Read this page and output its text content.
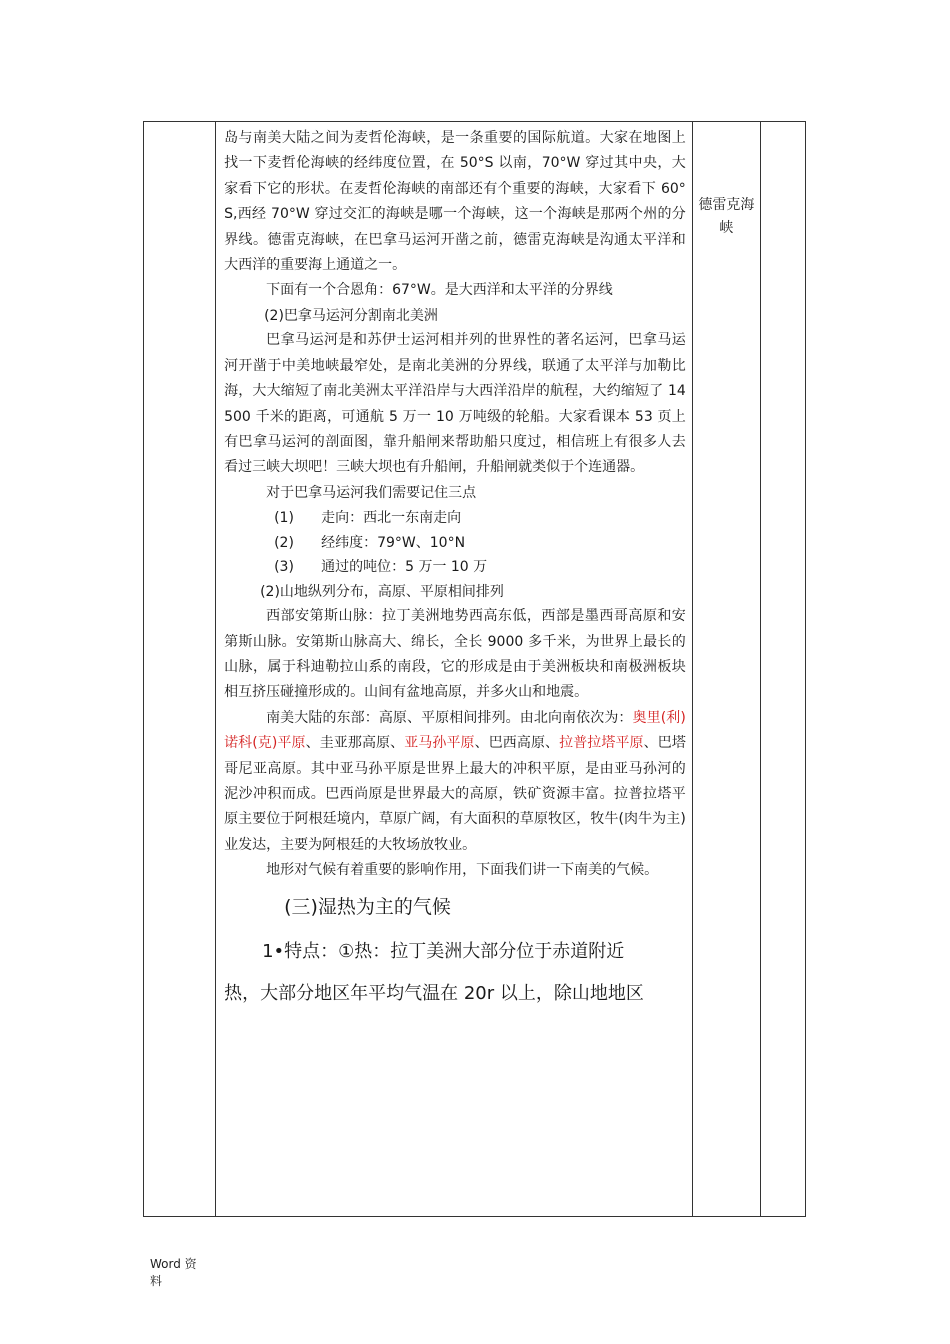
岛与南美大陆之间为麦哲伦海峡，是一条重要的国际航道。大家在地图上找一下麦哲伦海峡的经纬度位置，在 50°S 以南，70°W 穿过其中央，大家看下它的形状。在麦哲伦海峡的南部还有个重要的海峡，大家看下 60°S,西经 70°W 穿过交汇的海峡是哪一个海峡，这一个海峡是那两个州的分界线。德雷克海峡，在巴拿马运河开凿之前，德雷克海峡是沟通太平洋和大西洋的重要海上通道之一。

下面有一个合恩角：67°W。是大西洋和太平洋的分界线

(2)巴拿马运河分割南北美洲

巴拿马运河是和苏伊士运河相并列的世界性的著名运河，巴拿马运河开凿于中美地峡最窄处，是南北美洲的分界线，联通了太平洋与加勒比海，大大缩短了南北美洲太平洋沿岸与大西洋沿岸的航程，大约缩短了 14500 千米的距离，可通航 5 万一 10 万吨级的轮船。大家看课本 53 页上有巴拿马运河的剖面图，靠升船闸来帮助船只度过，相信班上有很多人去看过三峡大坝吧！三峡大坝也有升船闸，升船闸就类似于个连通器。

对于巴拿马运河我们需要记住三点

(1) 走向：西北一东南走向
(2) 经纬度：79°W、10°N
(3) 通过的吨位：5 万一 10 万
(2)山地纵列分布，高原、平原相间排列

西部安第斯山脉：拉丁美洲地势西高东低，西部是墨西哥高原和安第斯山脉。安第斯山脉高大、绵长，全长 9000 多千米，为世界上最长的山脉，属于科迪勒拉山系的南段，它的形成是由于美洲板块和南极洲板块相互挤压碰撞形成的。山间有盆地高原，并多火山和地震。

南美大陆的东部：高原、平原相间排列。由北向南依次为：奥里(利)诺科(克)平原、圭亚那高原、亚马孙平原、巴西高原、拉普拉塔平原、巴塔哥尼亚高原。其中亚马孙平原是世界上最大的冲积平原，是由亚马孙河的泥沙冲积而成。巴西尚原是世界最大的高原，铁矿资源丰富。拉普拉塔平原主要位于阿根廷境内，草原广阔，有大面积的草原牧区，牧牛(肉牛为主)业发达，主要为阿根廷的大牧场放牧业。

地形对气候有着重要的影响作用，下面我们讲一下南美的气候。

(三)湿热为主的气候

1•特点：①热：拉丁美洲大部分位于赤道附近

热，大部分地区年平均气温在 20r 以上，除山地地区

	德雷克海峡	
Word 资料
